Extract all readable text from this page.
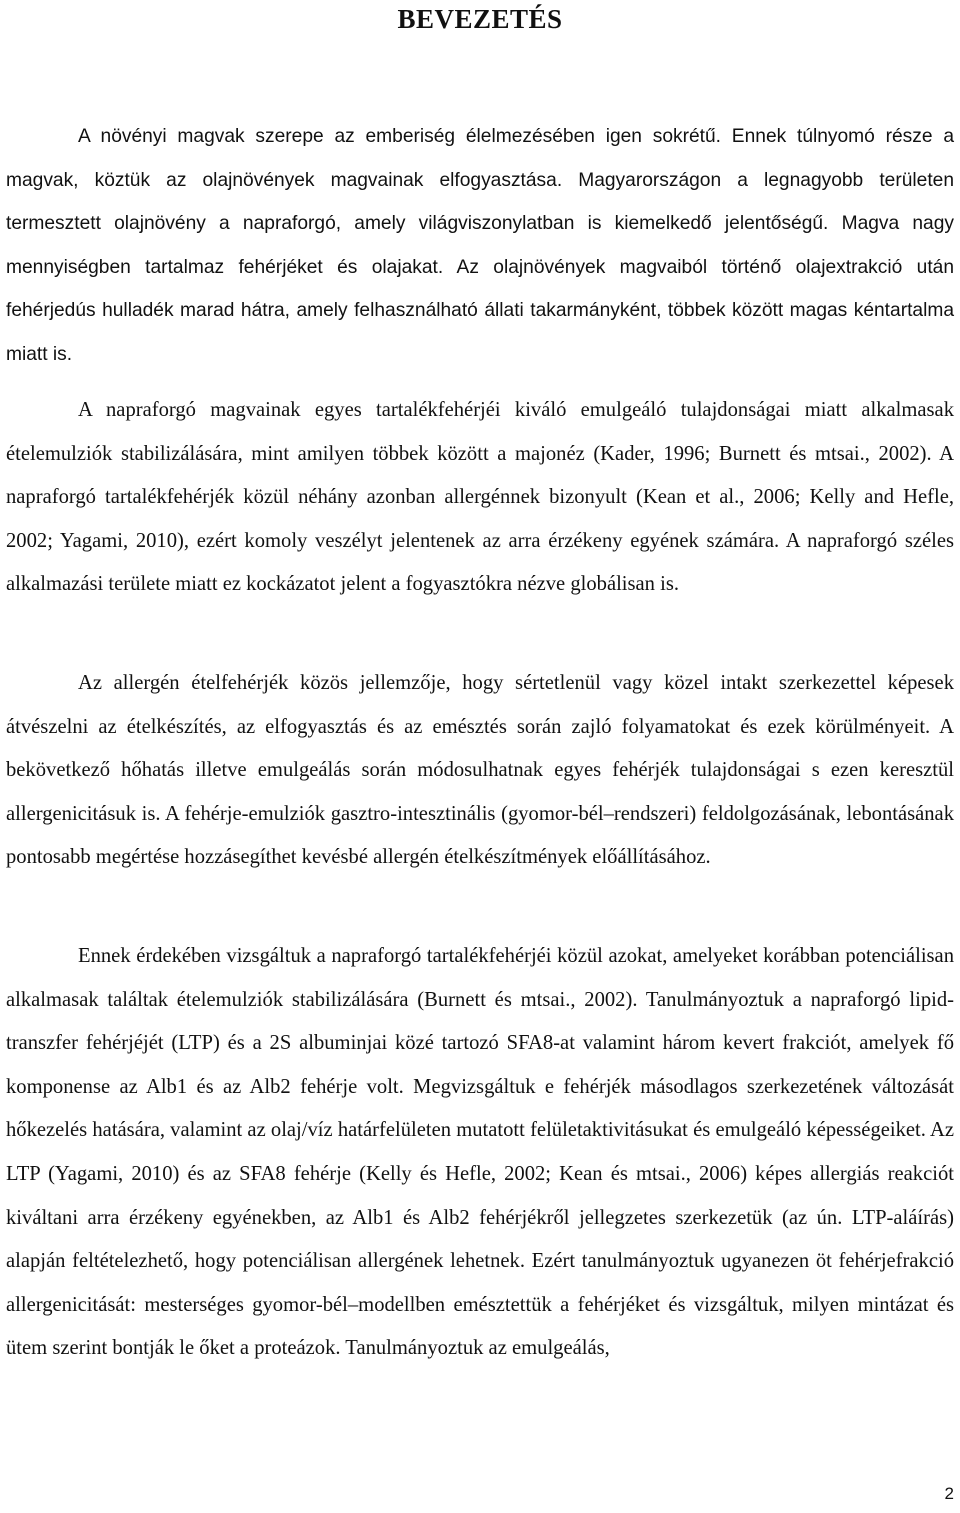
BEVEZETÉS

A növényi magvak szerepe az emberiség élelmezésében igen sokrétű. Ennek túlnyomó része a magvak, köztük az olajnövények magvainak elfogyasztása. Magyarországon a legnagyobb területen termesztett olajnövény a napraforgó, amely világviszonylatban is kiemelkedő jelentőségű. Magva nagy mennyiségben tartalmaz fehérjéket és olajakat. Az olajnövények magvaiból történő olajextrakció után fehérjedús hulladék marad hátra, amely felhasználható állati takarmányként, többek között magas kéntartalma miatt is.

A napraforgó magvainak egyes tartalékfehérjéi kiváló emulgeáló tulajdonságai miatt alkalmasak ételemulziók stabilizálására, mint amilyen többek között a majonéz (Kader, 1996; Burnett és mtsai., 2002). A napraforgó tartalékfehérjék közül néhány azonban allergénnek bizonyult (Kean et al., 2006; Kelly and Hefle, 2002; Yagami, 2010), ezért komoly veszélyt jelentenek az arra érzékeny egyének számára. A napraforgó széles alkalmazási területe miatt ez kockázatot jelent a fogyasztókra nézve globálisan is.

Az allergén ételfehérjék közös jellemzője, hogy sértetlenül vagy közel intakt szerkezettel képesek átvészelni az ételkészítés, az elfogyasztás és az emésztés során zajló folyamatokat és ezek körülményeit. A bekövetkező hőhatás illetve emulgeálás során módosulhatnak egyes fehérjék tulajdonságai s ezen keresztül allergenicitásuk is. A fehérje-emulziók gasztro-intesztinális (gyomor-bél–rendszeri) feldolgozásának, lebontásának pontosabb megértése hozzásegíthet kevésbé allergén ételkészítmények előállításához.

Ennek érdekében vizsgáltuk a napraforgó tartalékfehérjéi közül azokat, amelyeket korábban potenciálisan alkalmasak találtak ételemulziók stabilizálására (Burnett és mtsai., 2002). Tanulmányoztuk a napraforgó lipid-transzfer fehérjéjét (LTP) és a 2S albuminjai közé tartozó SFA8-at valamint három kevert frakciót, amelyek fő komponense az Alb1 és az Alb2 fehérje volt. Megvizsgáltuk e fehérjék másodlagos szerkezetének változását hőkezelés hatására, valamint az olaj/víz határfelületen mutatott felületaktivitásukat és emulgeáló képességeiket. Az LTP (Yagami, 2010) és az SFA8 fehérje (Kelly és Hefle, 2002; Kean és mtsai., 2006) képes allergiás reakciót kiváltani arra érzékeny egyénekben, az Alb1 és Alb2 fehérjékről jellegzetes szerkezetük (az ún. LTP-aláírás) alapján feltételezhető, hogy potenciálisan allergének lehetnek. Ezért tanulmányoztuk ugyanezen öt fehérjefrakció allergenicitását: mesterséges gyomor-bél–modellben emésztettük a fehérjéket és vizsgáltuk, milyen mintázat és ütem szerint bontják le őket a proteázok. Tanulmányoztuk az emulgeálás,

2
